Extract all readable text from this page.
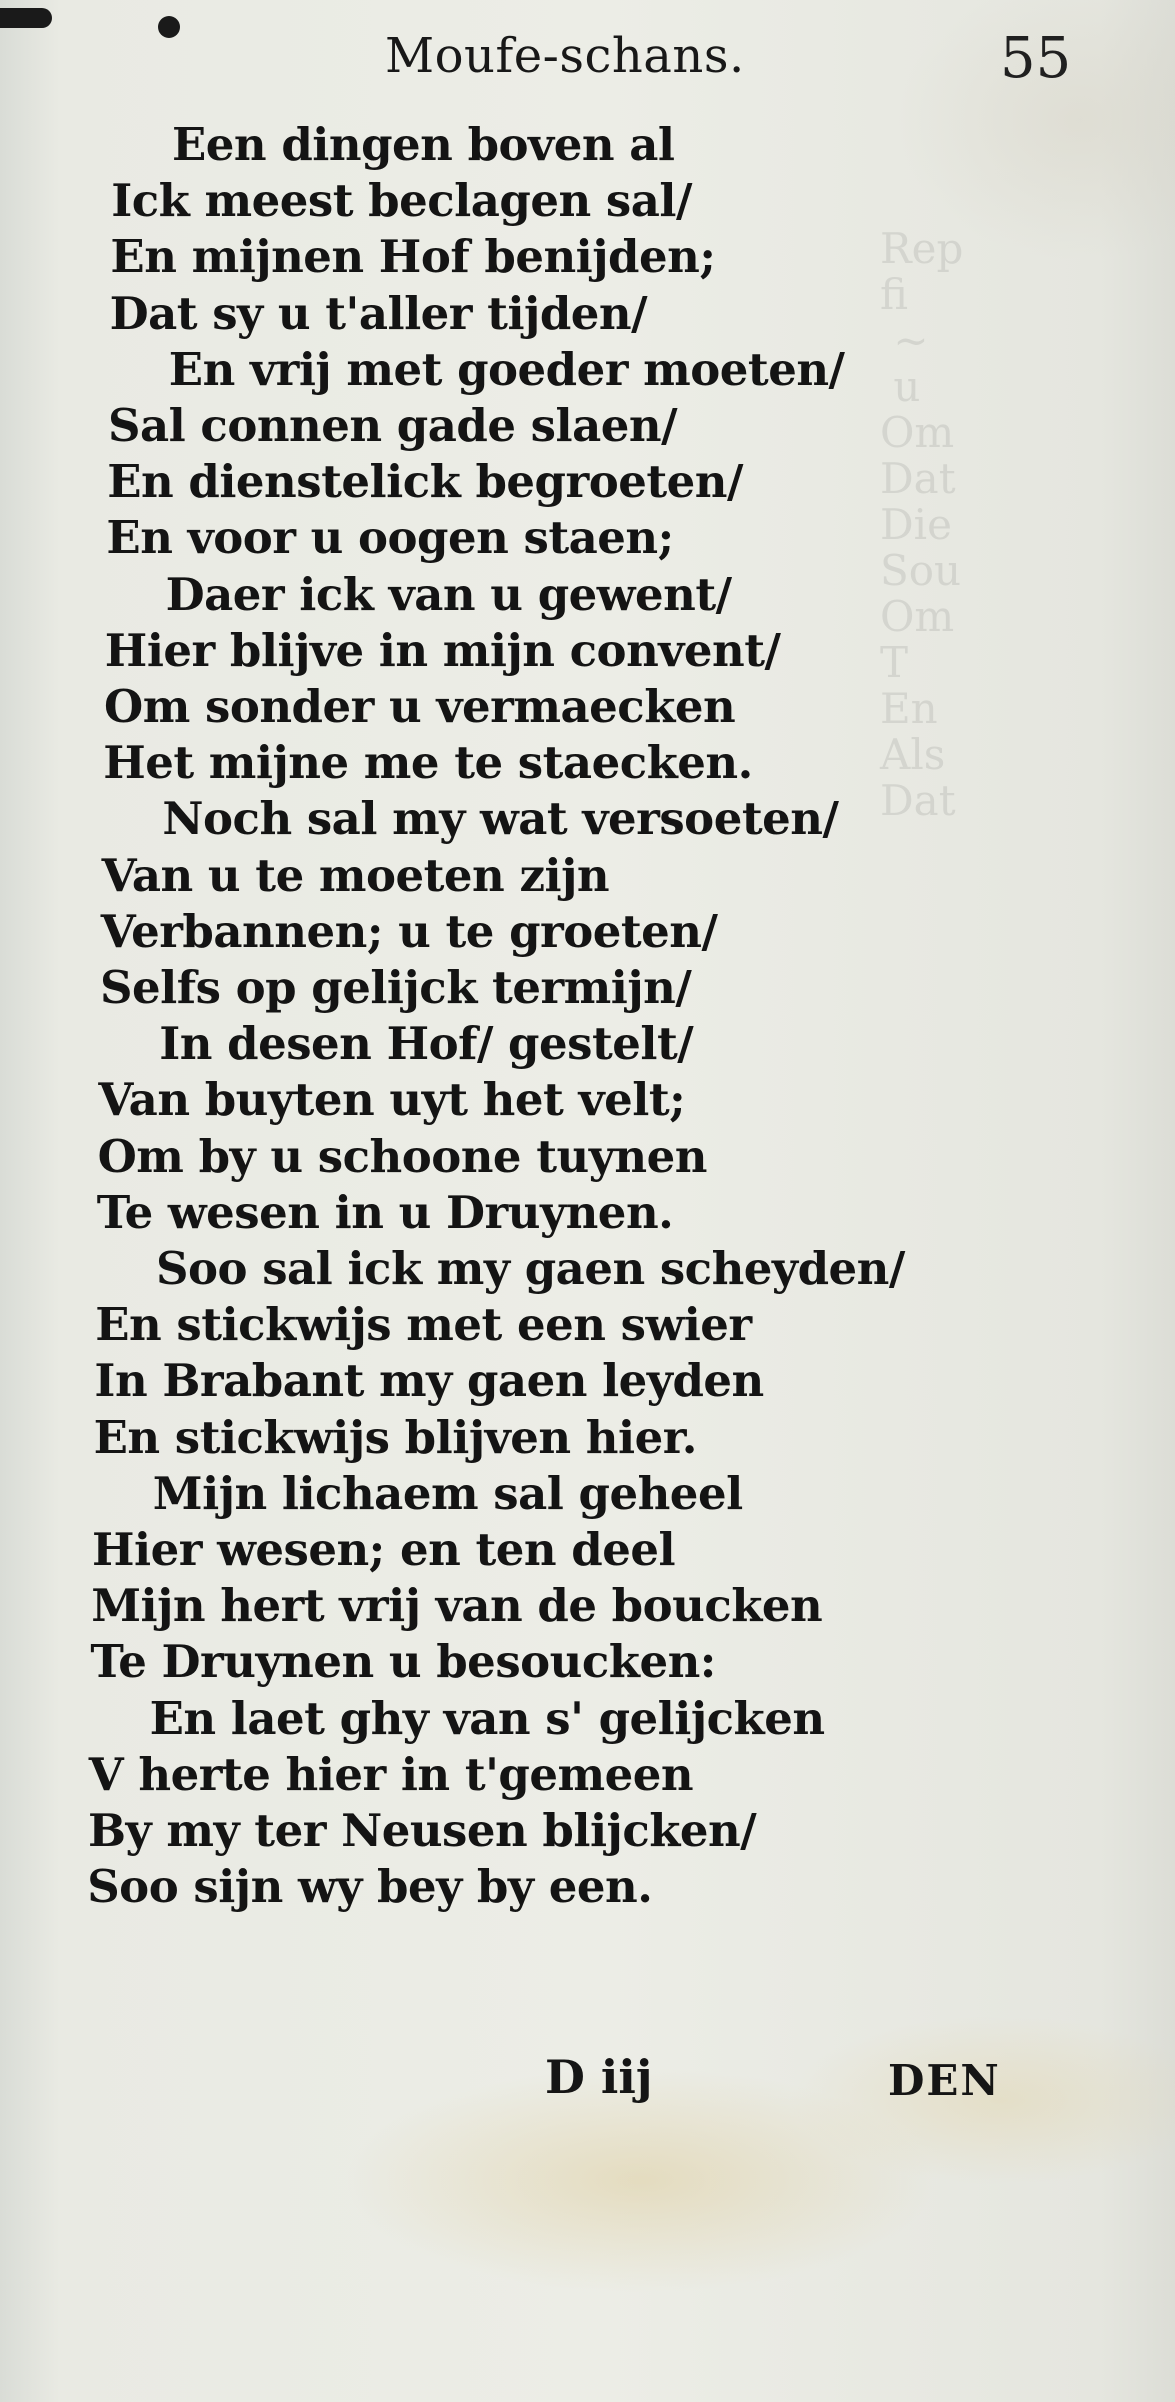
Rep
fi
~
u
Om
Dat
Die
Sou
Om
T
En
Als
Dat

Moufe-schans.	55
Een dingen boven al
Ick meest beclagen sal/
En mijnen Hof benijden;
Dat sy u t'aller tijden/
En vrij met goeder moeten/
Sal connen gade slaen/
En dienstelick begroeten/
En voor u oogen staen;
Daer ick van u gewent/
Hier blijve in mijn convent/
Om sonder u vermaecken
Het mijne me te staecken.
Noch sal my wat versoeten/
Van u te moeten zijn
Verbannen; u te groeten/
Selfs op gelijck termijn/
In desen Hof/ gestelt/
Van buyten uyt het velt;
Om by u schoone tuynen
Te wesen in u Druynen.
Soo sal ick my gaen scheyden/
En stickwijs met een swier
In Brabant my gaen leyden
En stickwijs blijven hier.
Mijn lichaem sal geheel
Hier wesen; en ten deel
Mijn hert vrij van de boucken
Te Druynen u besoucken:
En laet ghy van s' gelijcken
V herte hier in t'gemeen
By my ter Neusen blijcken/
Soo sijn wy bey by een.
D iij	DEN
